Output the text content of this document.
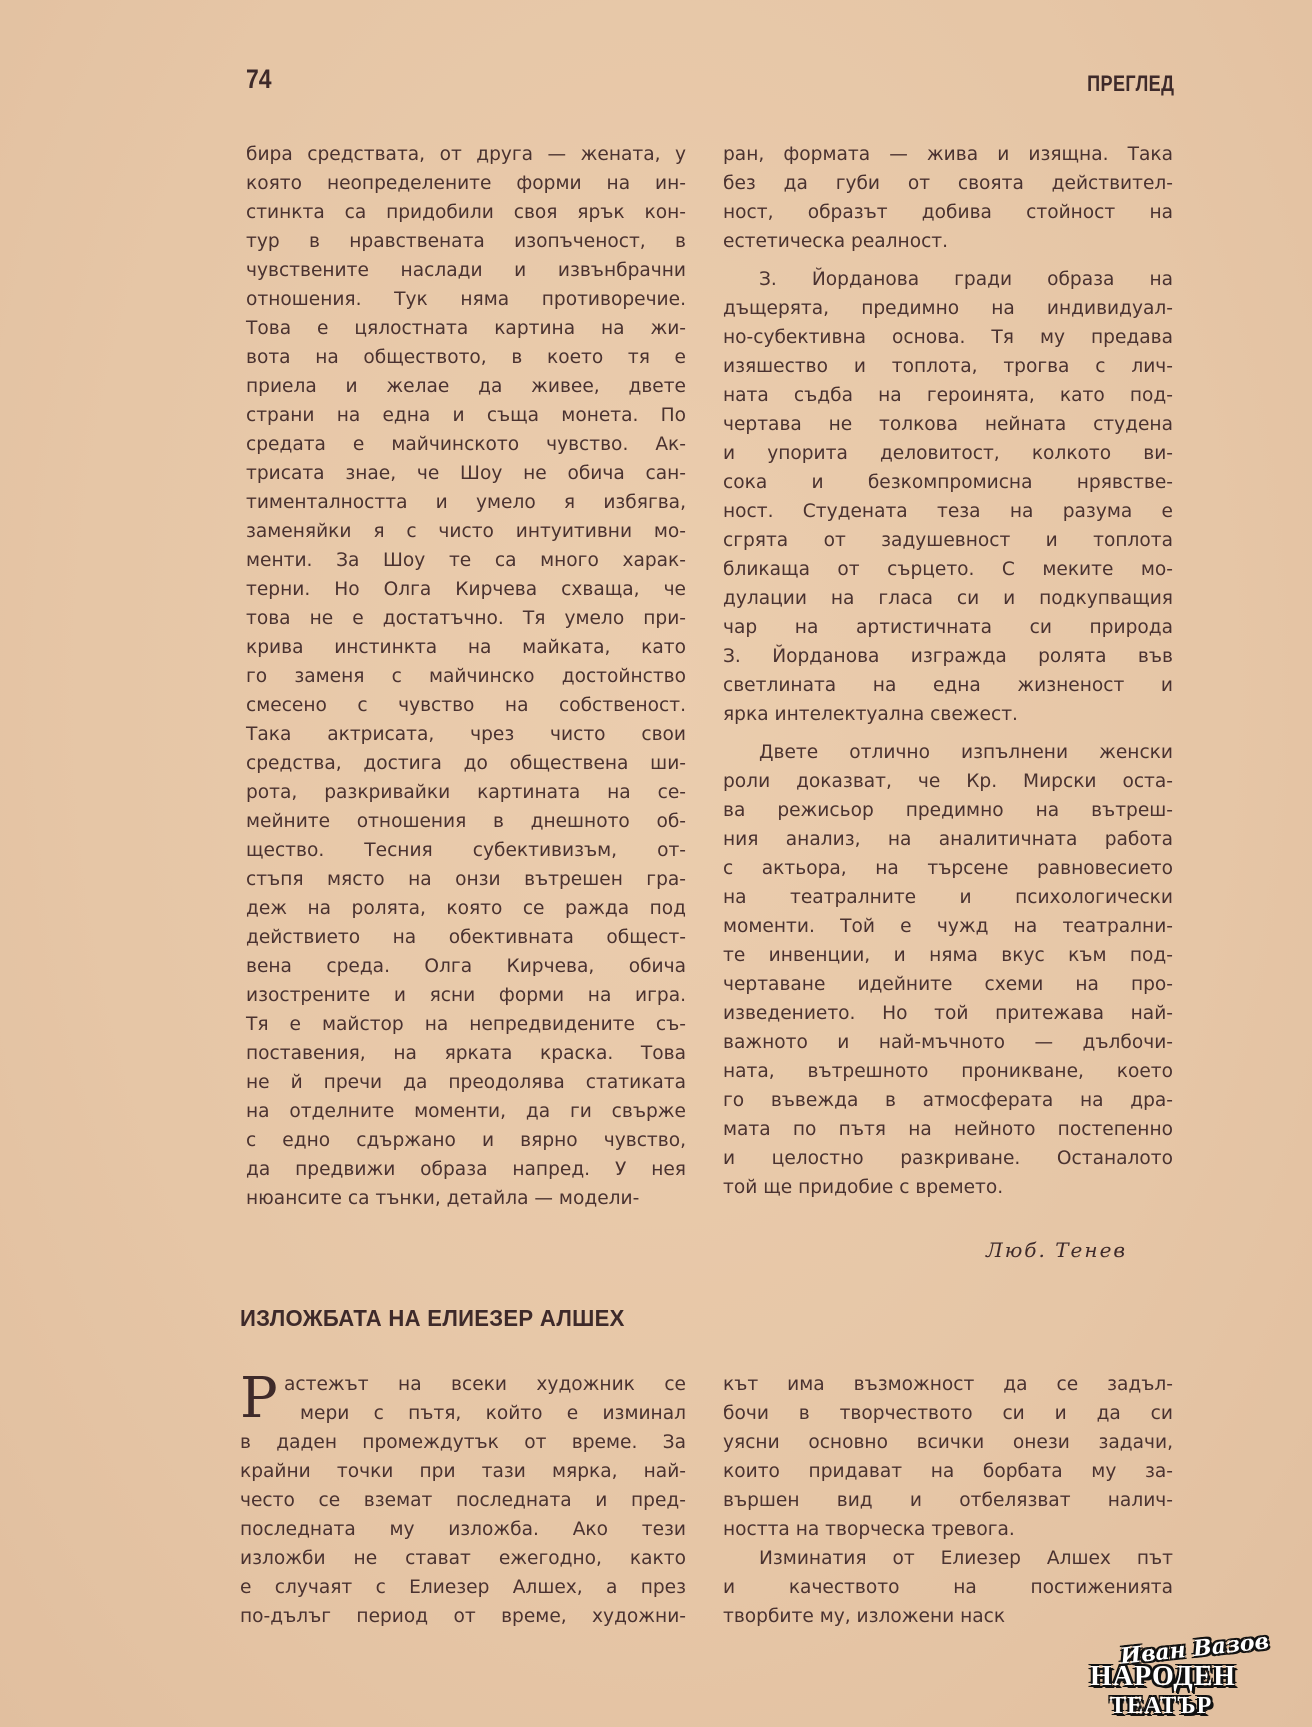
74	ПРЕГЛЕД
бира средствата, от друга — жената, у
която неопределените форми на ин-
стинкта са придобили своя ярък кон-
тур в нравствената изопъченост, в
чувствените наслади и извънбрачни
отношения. Тук няма противоречие.
Това е цялостната картина на жи-
вота на обществото, в което тя е
приела и желае да живее, двете
страни на една и съща монета. По
средата е майчинското чувство. Ак-
трисата знае, че Шоу не обича сан-
тименталността и умело я избягва,
заменяйки я с чисто интуитивни мо-
менти. За Шоу те са много харак-
терни. Но Олга Кирчева схваща, че
това не е достатъчно. Тя умело при-
крива инстинкта на майката, като
го заменя с майчинско достойнство
смесено с чувство на собственост.
Така актрисата, чрез чисто свои
средства, достига до обществена ши-
рота, разкривайки картината на се-
мейните отношения в днешното об-
щество. Тесния субективизъм, от-
стъпя място на онзи вътрешен гра-
деж на ролята, която се ражда под
действието на обективната общест-
вена среда. Олга Кирчева, обича
изострените и ясни форми на игра.
Тя е майстор на непредвидените съ-
поставения, на ярката краска. Това
не й пречи да преодолява статиката
на отделните моменти, да ги свърже
с едно сдържано и вярно чувство,
да предвижи образа напред. У нея
нюансите са тънки, детайла — модели-
ран, формата — жива и изящна. Така
без да губи от своята действител-
ност, образът добива стойност на
естетическа реалност.
З. Йорданова гради образа на
дъщерята, предимно на индивидуал-
но-субективна основа. Тя му предава
изяшество и топлота, трогва с лич-
ната съдба на героинята, като под-
чертава не толкова нейната студена
и упорита деловитост, колкото ви-
сока и безкомпромисна нрявстве-
ност. Студената теза на разума е
сгрята от задушевност и топлота
бликаща от сърцето. С меките мо-
дулации на гласа си и подкупващия
чар на артистичната си природа
З. Йорданова изгражда ролята във
светлината на една жизненост и
ярка интелектуална свежест.
Двете отлично изпълнени женски
роли доказват, че Кр. Мирски оста-
ва режисьор предимно на вътреш-
ния анализ, на аналитичната работа
с актьора, на търсене равновесието
на театралните и психологически
моменти. Той е чужд на театрални-
те инвенции, и няма вкус към под-
чертаване идейните схеми на про-
изведението. Но той притежава най-
важното и най-мъчното — дълбочи-
ната, вътрешното проникване, което
го въвежда в атмосферата на дра-
мата по пътя на нейното постепенно
и целостно разкриване. Останалото
той ще придобие с времето.
Люб. Тенев
ИЗЛОЖБАТА НА ЕЛИЕЗЕР АЛШЕХ
Р астежът на всеки художник се
мери с пътя, който е изминал
в даден промеждутък от време. За
крайни точки при тази мярка, най-
често се вземат последната и пред-
последната му изложба. Ако тези
изложби не стават ежегодно, както
е случаят с Елиезер Алшех, а през
по-дълъг период от време, художни-
кът има възможност да се задъл-
бочи в творчеството си и да си
уясни основно всички онези задачи,
които придават на борбата му за-
вършен вид и отбелязват налич-
ността на творческа тревога.
Изминатия от Елиезер Алшех път
и качеството на постиженията
творбите му, изложени наск
Иван Вазов
НАРОДЕН
ТЕАТЪР
